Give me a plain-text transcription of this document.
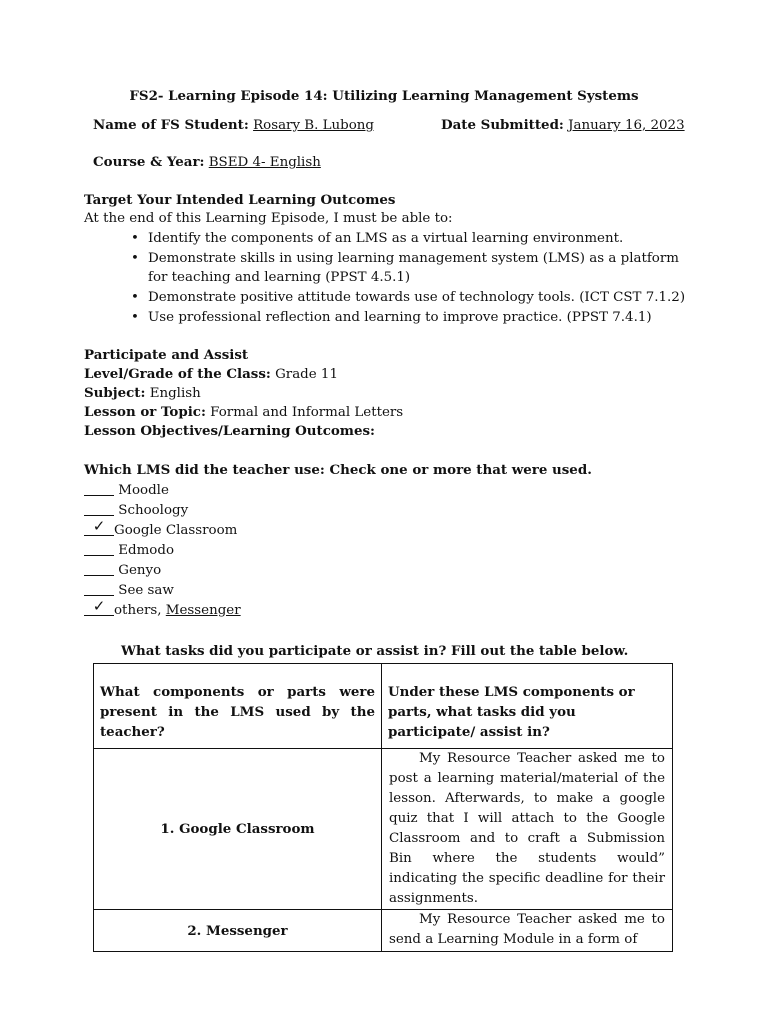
FS2- Learning Episode 14: Utilizing Learning Management Systems
Name of FS Student: Rosary B. Lubong	Date Submitted: January 16, 2023
Course & Year: BSED 4- English
Target Your Intended Learning Outcomes
At the end of this Learning Episode, I must be able to:
• Identify the components of an LMS as a virtual learning environment.
• Demonstrate skills in using learning management system (LMS) as a platform for teaching and learning (PPST 4.5.1)
• Demonstrate positive attitude towards use of technology tools. (ICT CST 7.1.2)
• Use professional reflection and learning to improve practice. (PPST 7.4.1)
Participate and Assist
Level/Grade of the Class: Grade 11
Subject: English
Lesson or Topic: Formal and Informal Letters
Lesson Objectives/Learning Outcomes:
Which LMS did the teacher use: Check one or more that were used.
Moodle
Schoology
✓ Google Classroom
Edmodo
Genyo
See saw
✓ others, Messenger
What tasks did you participate or assist in? Fill out the table below.
What components or parts were present in the LMS used by the teacher?	Under these LMS components or parts, what tasks did you participate/ assist in?
1. Google Classroom	My Resource Teacher asked me to post a learning material/material of the lesson. Afterwards, to make a google quiz that I will attach to the Google Classroom and to craft a Submission Bin where the students would” indicating the specific deadline for their assignments.
2. Messenger	My Resource Teacher asked me to send a Learning Module in a form of
